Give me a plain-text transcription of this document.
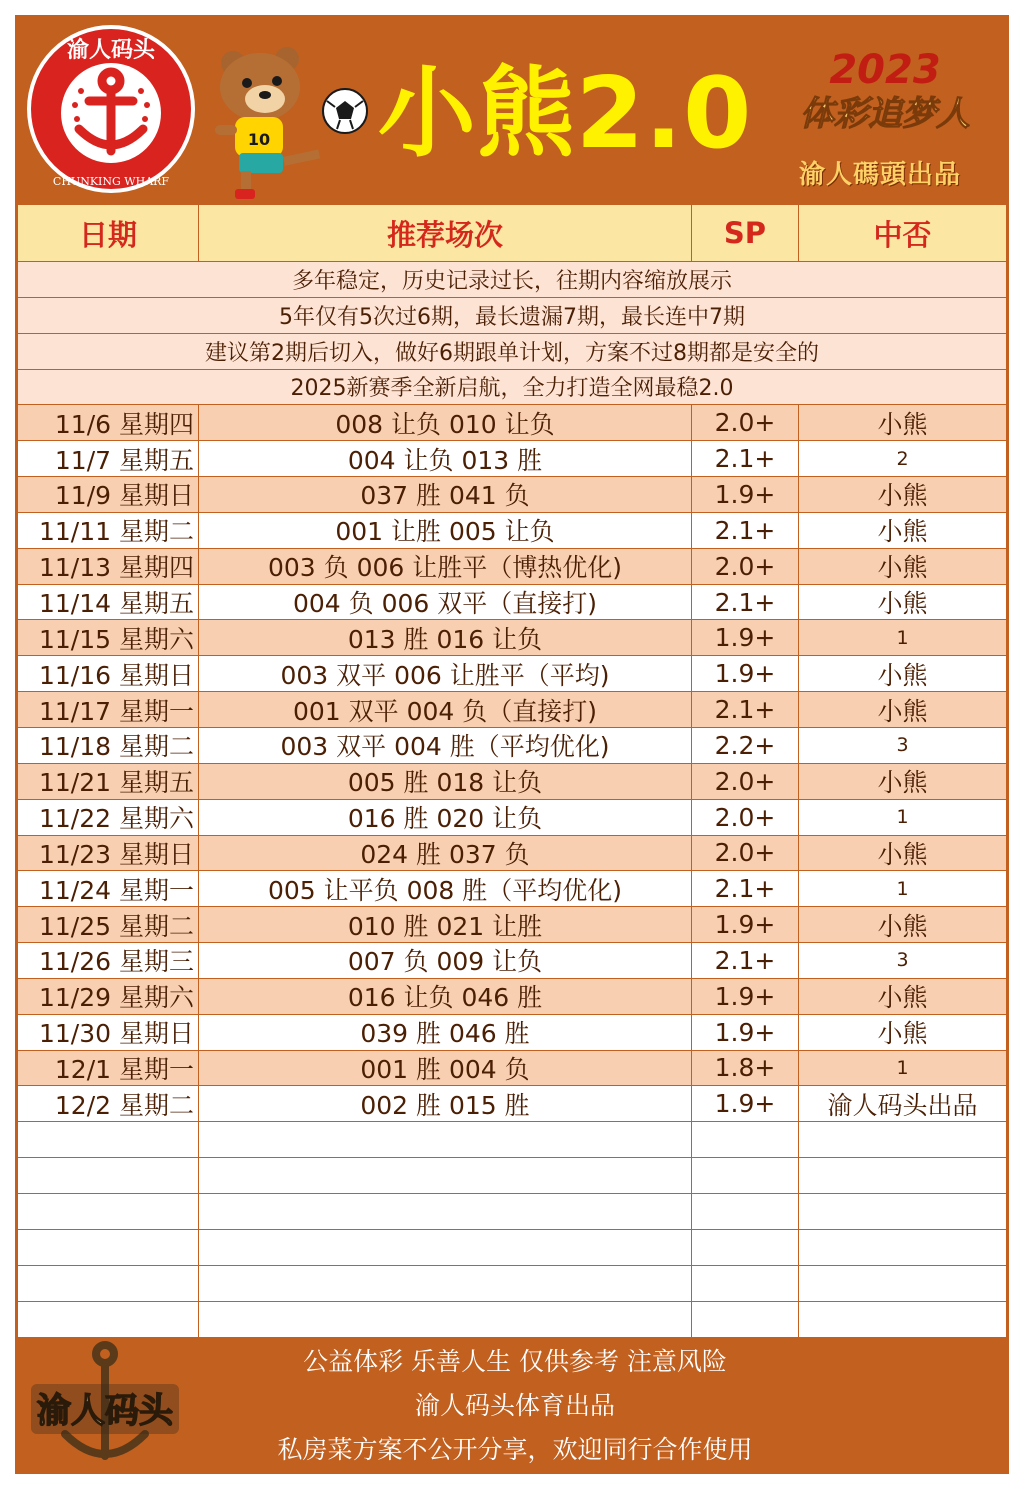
渝人码头
CHUNKING WHARF
10 小熊2.0 2023
体彩追梦人
渝人碼頭出品
日期	推荐场次	SP	中否
多年稳定，历史记录过长，往期内容缩放展示
5年仅有5次过6期，最长遗漏7期，最长连中7期
建议第2期后切入，做好6期跟单计划，方案不过8期都是安全的
2025新赛季全新启航，全力打造全网最稳2.0
11/6 星期四	008 让负 010 让负	2.0+	小熊
11/7 星期五	004 让负 013 胜	2.1+	2
11/9 星期日	037 胜 041 负	1.9+	小熊
11/11 星期二	001 让胜 005 让负	2.1+	小熊
11/13 星期四	003 负 006 让胜平（博热优化)	2.0+	小熊
11/14 星期五	004 负 006 双平（直接打)	2.1+	小熊
11/15 星期六	013 胜 016 让负	1.9+	1
11/16 星期日	003 双平 006 让胜平（平均)	1.9+	小熊
11/17 星期一	001 双平 004 负（直接打)	2.1+	小熊
11/18 星期二	003 双平 004 胜（平均优化)	2.2+	3
11/21 星期五	005 胜 018 让负	2.0+	小熊
11/22 星期六	016 胜 020 让负	2.0+	1
11/23 星期日	024 胜 037 负	2.0+	小熊
11/24 星期一	005 让平负 008 胜（平均优化)	2.1+	1
11/25 星期二	010 胜 021 让胜	1.9+	小熊
11/26 星期三	007 负 009 让负	2.1+	3
11/29 星期六	016 让负 046 胜	1.9+	小熊
11/30 星期日	039 胜 046 胜	1.9+	小熊
12/1 星期一	001 胜 004 负	1.8+	1
12/2 星期二	002 胜 015 胜	1.9+	渝人码头出品
渝人码头
公益体彩 乐善人生 仅供参考 注意风险
渝人码头体育出品
私房菜方案不公开分享，欢迎同行合作使用
